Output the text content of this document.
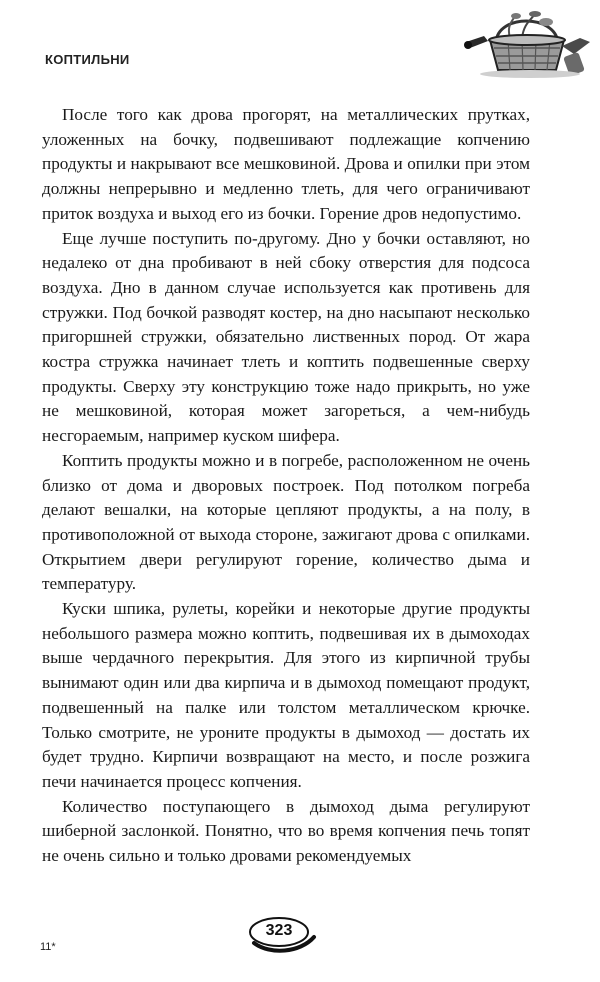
КОПТИЛЬНИ

После того как дрова прогорят, на металлических прутках, уложенных на бочку, подвешивают подлежащие копчению продукты и накрывают все мешковиной. Дрова и опилки при этом должны непрерывно и медленно тлеть, для чего ограничивают приток воздуха и выход его из бочки. Горение дров недопустимо.

Еще лучше поступить по-другому. Дно у бочки оставляют, но недалеко от дна пробивают в ней сбоку отверстия для подсоса воздуха. Дно в данном случае используется как противень для стружки. Под бочкой разводят костер, на дно насыпают несколько пригоршней стружки, обязательно лиственных пород. От жара костра стружка начинает тлеть и коптить подвешенные сверху продукты. Сверху эту конструкцию тоже надо прикрыть, но уже не мешковиной, которая может загореться, а чем-нибудь несгораемым, например куском шифера.

Коптить продукты можно и в погребе, расположенном не очень близко от дома и дворовых построек. Под потолком погреба делают вешалки, на которые цепляют продукты, а на полу, в противоположной от выхода стороне, зажигают дрова с опилками. Открытием двери регулируют горение, количество дыма и температуру.

Куски шпика, рулеты, корейки и некоторые другие продукты небольшого размера можно коптить, подвешивая их в дымоходах выше чердачного перекрытия. Для этого из кирпичной трубы вынимают один или два кирпича и в дымоход помещают продукт, подвешенный на палке или толстом металлическом крючке. Только смотрите, не уроните продукты в дымоход — достать их будет трудно. Кирпичи возвращают на место, и после розжига печи начинается процесс копчения.

Количество поступающего в дымоход дыма регулируют шиберной заслонкой. Понятно, что во время копчения печь топят не очень сильно и только дровами рекомендуемых

323
11*
